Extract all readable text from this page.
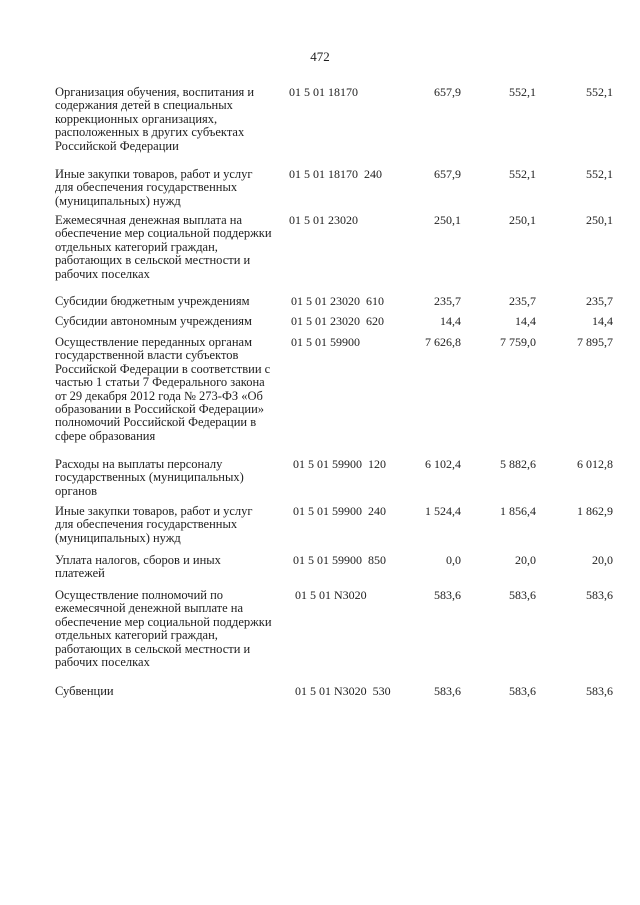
472
Организация обучения, воспитания и
содержания детей в специальных
коррекционных организациях,
расположенных в других субъектах
Российской Федерации
01 5 01 18170	657,9	552,1	552,1
Иные закупки товаров, работ и услуг
для обеспечения государственных
(муниципальных) нужд
01 5 01 18170  240	657,9	552,1	552,1
Ежемесячная денежная выплата на
обеспечение мер социальной поддержки
отдельных категорий граждан,
работающих в сельской местности и
рабочих поселках
01 5 01 23020	250,1	250,1	250,1
Субсидии бюджетным учреждениям	01 5 01 23020  610	235,7	235,7	235,7
Субсидии автономным учреждениям	01 5 01 23020  620	14,4	14,4	14,4
Осуществление переданных органам
государственной власти субъектов
Российской Федерации в соответствии с
частью 1 статьи 7 Федерального закона
от 29 декабря 2012 года № 273-ФЗ «Об
образовании в Российской Федерации»
полномочий Российской Федерации в
сфере образования
01 5 01 59900	7 626,8	7 759,0	7 895,7
Расходы на выплаты персоналу
государственных (муниципальных)
органов
01 5 01 59900  120	6 102,4	5 882,6	6 012,8
Иные закупки товаров, работ и услуг
для обеспечения государственных
(муниципальных) нужд
01 5 01 59900  240	1 524,4	1 856,4	1 862,9
Уплата налогов, сборов и иных
платежей
01 5 01 59900  850	0,0	20,0	20,0
Осуществление полномочий по
ежемесячной денежной выплате на
обеспечение мер социальной поддержки
отдельных категорий граждан,
работающих в сельской местности и
рабочих поселках
01 5 01 N3020	583,6	583,6	583,6
Субвенции	01 5 01 N3020  530	583,6	583,6	583,6
